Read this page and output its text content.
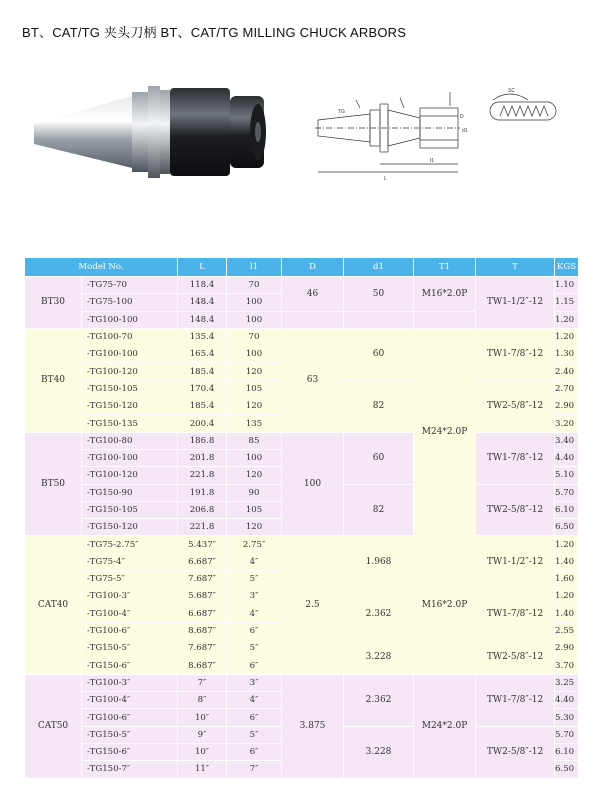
BT、CAT/TG 夹头刀柄 BT、CAT/TG MILLING CHUCK ARBORS
TG
SC
d1
L
l1
D
Model No.		L	l1	D	d1	T1	T	KGS
BT30	-TG75-70	118.4	70	46	50	M16*2.0P	TW1-1/2″-12	1.10
	-TG75-100	148.4	100					1.15
	-TG100-100	148.4	100					1.20
BT40	-TG100-70	135.4	70	63	60	M24*2.0P	TW1-7/8″-12	1.20
	-TG100-100	165.4	100					1.30
	-TG100-120	185.4	120					2.40
	-TG150-105	170.4	105		82		TW2-5/8″-12	2.70
	-TG150-120	185.4	120					2.90
	-TG150-135	200.4	135					3.20
BT50	-TG100-80	186.8	85	100	60		TW1-7/8″-12	3.40
	-TG100-100	201.8	100					4.40
	-TG100-120	221.8	120					5.10
	-TG150-90	191.8	90		82		TW2-5/8″-12	5.70
	-TG150-105	206.8	105					6.10
	-TG150-120	221.8	120					6.50
CAT40	-TG75-2.75″	5.437″	2.75″	2.5	1.968	M16*2.0P	TW1-1/2″-12	1.20
	-TG75-4″	6.687″	4″					1.40
	-TG75-5″	7.687″	5″					1.60
	-TG100-3″	5.687″	3″		2.362		TW1-7/8″-12	1.20
	-TG100-4″	6.687″	4″					1.40
	-TG100-6″	8.687″	6″					2.55
	-TG150-5″	7.687″	5″		3.228		TW2-5/8″-12	2.90
	-TG150-6″	8.687″	6″					3.70
CAT50	-TG100-3″	7″	3″	3.875	2.362	M24*2.0P	TW1-7/8″-12	3.25
	-TG100-4″	8″	4″					4.40
	-TG100-6″	10″	6″					5.30
	-TG150-5″	9″	5″		3.228		TW2-5/8″-12	5.70
	-TG150-6″	10″	6″					6.10
	-TG150-7″	11″	7″					6.50
